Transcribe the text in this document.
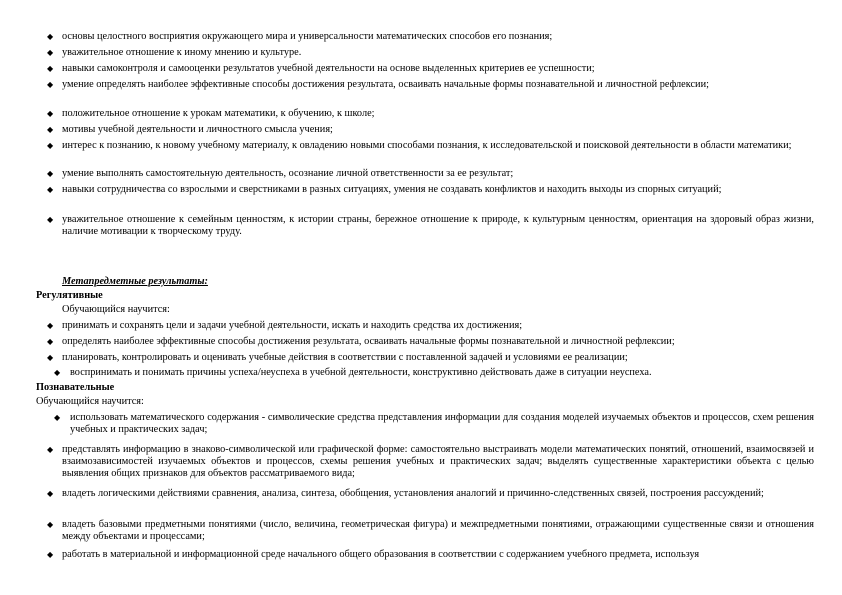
◆ основы целостного восприятия окружающего мира и универсальности математических способов его познания;
◆ уважительное отношение к иному мнению и культуре.
◆ навыки самоконтроля и самооценки результатов учебной деятельности на основе выделенных критериев ее успешности;
◆ умение определять наиболее эффективные способы достижения результата, осваивать начальные формы познавательной и личностной рефлексии;
◆ положительное отношение к урокам математики, к обучению, к школе;
◆ мотивы учебной деятельности и личностного смысла учения;
◆ интерес к познанию, к новому учебному материалу, к овладению новыми способами познания, к исследовательской и поисковой деятельности в области математики;
◆ умение выполнять самостоятельную деятельность, осознание личной ответственности за ее результат;
◆ навыки сотрудничества со взрослыми и сверстниками в разных ситуациях, умения не создавать конфликтов и находить выходы из спорных ситуаций;
◆ уважительное отношение к семейным ценностям, к истории страны, бережное отношение к природе, к культурным ценностям, ориентация на здоровый образ жизни, наличие мотивации к творческому труду.
Метапредметные результаты:
Регулятивные
Обучающийся научится:
◆ принимать и сохранять цели и задачи учебной деятельности, искать и находить средства их достижения;
◆ определять наиболее эффективные способы достижения результата, осваивать начальные формы познавательной и личностной рефлексии;
◆ планировать, контролировать и оценивать учебные действия в соответствии с поставленной задачей и условиями ее реализации;
◆ воспринимать и понимать причины успеха/неуспеха в учебной деятельности, конструктивно действовать даже в ситуации неуспеха.
Познавательные
Обучающийся научится:
◆ использовать математического содержания - символические средства представления информации для создания моделей изучаемых объектов и процессов, схем решения учебных и практических задач;
◆ представлять информацию в знаково-символической или графической форме: самостоятельно выстраивать модели математических понятий, отношений, взаимосвязей и взаимозависимостей изучаемых объектов и процессов, схемы решения учебных и практических задач; выделять существенные характеристики объекта с целью выявления общих признаков для объектов рассматриваемого вида;
◆ владеть логическими действиями сравнения, анализа, синтеза, обобщения, установления аналогий и причинно-следственных связей, построения рассуждений;
◆ владеть базовыми предметными понятиями (число, величина, геометрическая фигура) и межпредметными понятиями, отражающими существенные связи и отношения между объектами и процессами;
◆ работать в материальной и информационной среде начального общего образования в соответствии с содержанием учебного предмета, используя
